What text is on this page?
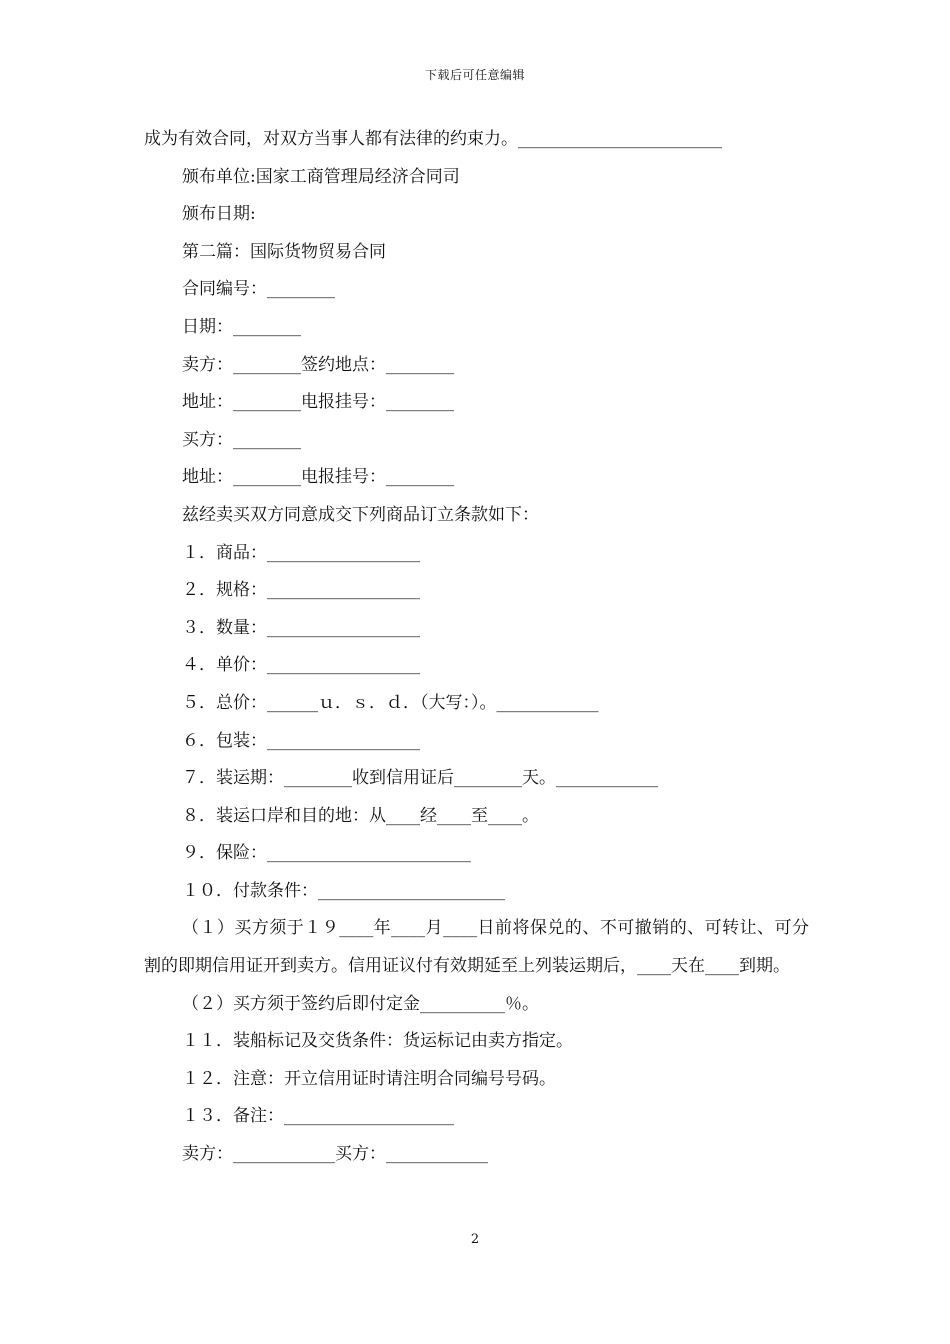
下载后可任意编辑
成为有效合同，对双方当事人都有法律的约束力。________________________
颁布单位:国家工商管理局经济合同司
颁布日期:
第二篇：国际货物贸易合同
合同编号：________
日期：________
卖方：________签约地点：________
地址：________电报挂号：________
买方：________
地址：________电报挂号：________
兹经卖买双方同意成交下列商品订立条款如下：
１．商品：__________________
２．规格：__________________
３．数量：__________________
４．单价：__________________
５．总价：______ｕ．ｓ．ｄ．（大写：）。____________
６．包装：__________________
７．装运期：________收到信用证后________天。____________
８．装运口岸和目的地：从____经____至____。
９．保险：________________________
１０．付款条件：______________________
（１）买方须于１９____年____月____日前将保兑的、不可撤销的、可转让、可分割的即期信用证开到卖方。信用证议付有效期延至上列装运期后，____天在____到期。
（２）买方须于签约后即付定金__________％。
１１．装船标记及交货条件：货运标记由卖方指定。
１２．注意：开立信用证时请注明合同编号号码。
１３．备注：____________________
卖方：____________买方：____________
2
